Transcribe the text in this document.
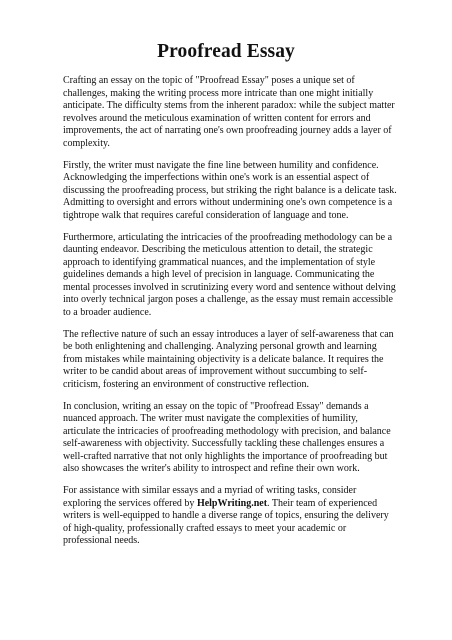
Proofread Essay

Crafting an essay on the topic of "Proofread Essay" poses a unique set of challenges, making the writing process more intricate than one might initially anticipate. The difficulty stems from the inherent paradox: while the subject matter revolves around the meticulous examination of written content for errors and improvements, the act of narrating one's own proofreading journey adds a layer of complexity.

Firstly, the writer must navigate the fine line between humility and confidence. Acknowledging the imperfections within one's work is an essential aspect of discussing the proofreading process, but striking the right balance is a delicate task. Admitting to oversight and errors without undermining one's own competence is a tightrope walk that requires careful consideration of language and tone.

Furthermore, articulating the intricacies of the proofreading methodology can be a daunting endeavor. Describing the meticulous attention to detail, the strategic approach to identifying grammatical nuances, and the implementation of style guidelines demands a high level of precision in language. Communicating the mental processes involved in scrutinizing every word and sentence without delving into overly technical jargon poses a challenge, as the essay must remain accessible to a broader audience.

The reflective nature of such an essay introduces a layer of self-awareness that can be both enlightening and challenging. Analyzing personal growth and learning from mistakes while maintaining objectivity is a delicate balance. It requires the writer to be candid about areas of improvement without succumbing to self-criticism, fostering an environment of constructive reflection.

In conclusion, writing an essay on the topic of "Proofread Essay" demands a nuanced approach. The writer must navigate the complexities of humility, articulate the intricacies of proofreading methodology with precision, and balance self-awareness with objectivity. Successfully tackling these challenges ensures a well-crafted narrative that not only highlights the importance of proofreading but also showcases the writer's ability to introspect and refine their own work.

For assistance with similar essays and a myriad of writing tasks, consider exploring the services offered by HelpWriting.net. Their team of experienced writers is well-equipped to handle a diverse range of topics, ensuring the delivery of high-quality, professionally crafted essays to meet your academic or professional needs.
